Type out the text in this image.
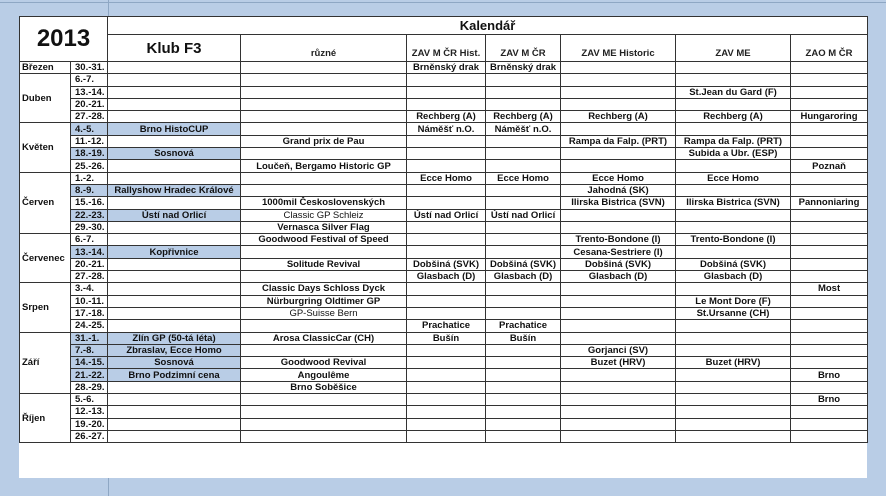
2013		Kalendář						
		Klub F3	různé	ZAV M ČR Hist.	ZAV M ČR	ZAV ME Historic	ZAV ME	ZAO M ČR
Březen	30.-31.			Brněnský drak	Brněnský drak			
Duben	6.-7.							
	13.-14.						St.Jean du Gard (F)	
	20.-21.							
	27.-28.			Rechberg (A)	Rechberg (A)	Rechberg (A)	Rechberg (A)	Hungaroring
Květen	4.-5.	Brno HistoCUP		Náměšť n.O.	Náměšť n.O.			
	11.-12.		Grand prix de Pau			Rampa da Falp. (PRT)	Rampa da Falp. (PRT)	
	18.-19.	Sosnová					Subida a Ubr. (ESP)	
	25.-26.		Loučeň, Bergamo Historic GP					Poznaň
Červen	1.-2.			Ecce Homo	Ecce Homo	Ecce Homo	Ecce Homo	
	8.-9.	Rallyshow Hradec Králové				Jahodná (SK)		
	15.-16.		1000mil Československých			Ilirska Bistrica (SVN)	Ilirska Bistrica (SVN)	Pannoniaring
	22.-23.	Ústí nad Orlicí	Classic GP Schleiz	Ústí nad Orlicí	Ústí nad Orlicí			
	29.-30.		Vernasca Silver Flag					
Červenec	6.-7.		Goodwood Festival of Speed			Trento-Bondone (I)	Trento-Bondone (I)	
	13.-14.	Kopřivnice				Cesana-Sestriere (I)		
	20.-21.		Solitude Revival	Dobšiná (SVK)	Dobšiná (SVK)	Dobšiná (SVK)	Dobšiná (SVK)	
	27.-28.			Glasbach (D)	Glasbach (D)	Glasbach (D)	Glasbach (D)	
Srpen	3.-4.		Classic Days Schloss Dyck					Most
	10.-11.		Nürburgring Oldtimer GP				Le Mont Dore (F)	
	17.-18.		GP-Suisse Bern				St.Ursanne (CH)	
	24.-25.			Prachatice	Prachatice			
Září	31.-1.	Zlín GP (50-tá léta)	Arosa ClassicCar (CH)	Bušín	Bušín			
	7.-8.	Zbraslav, Ecce Homo				Gorjanci (SV)		
	14.-15.	Sosnová	Goodwood Revival			Buzet (HRV)	Buzet (HRV)	
	21.-22.	Brno Podzimní cena	Angoulême					Brno
	28.-29.		Brno Soběšice					
Říjen	5.-6.							Brno
	12.-13.							
	19.-20.							
	26.-27.							
